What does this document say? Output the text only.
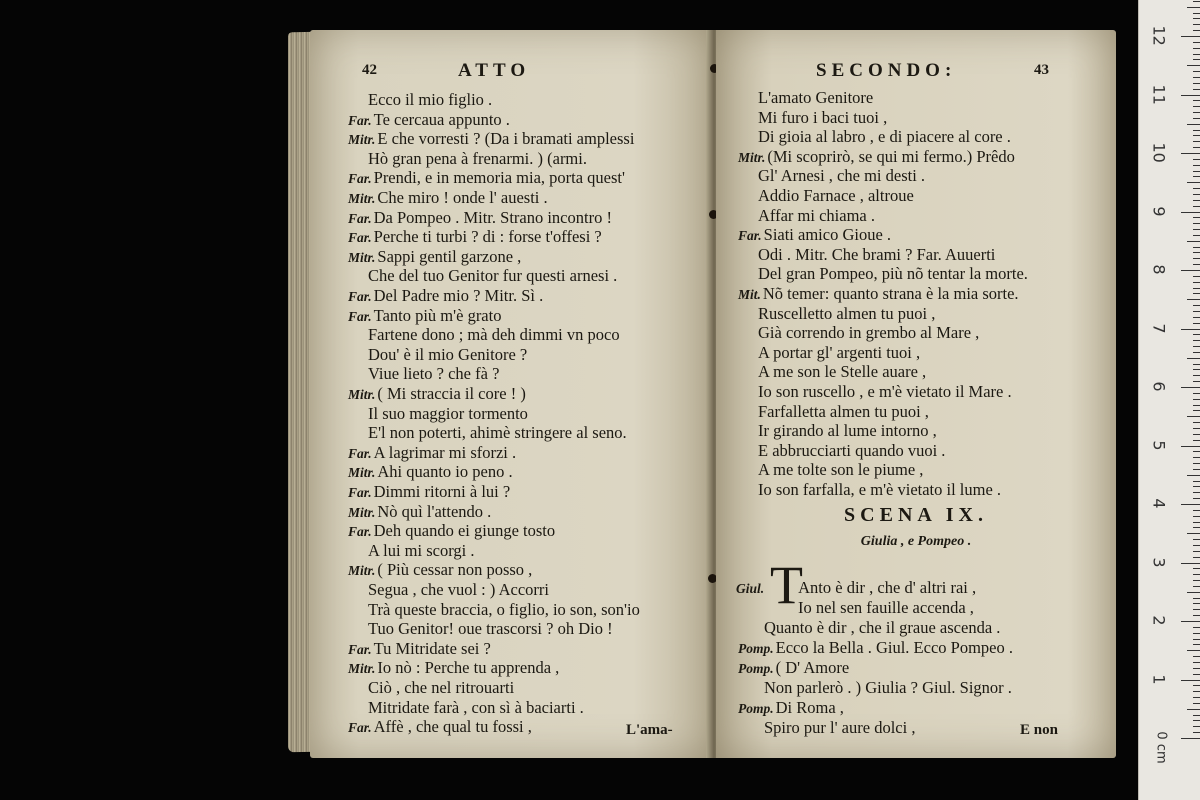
42	ATTO
Ecco il mio figlio .
Far. Te cercaua appunto .
Mitr. E che vorresti ? (Da i bramati amplessi
Hò gran pena à frenarmi. ) (armi.
Far. Prendi, e in memoria mia, porta quest'
Mitr. Che miro ! onde l' auesti .
Far. Da Pompeo . Mitr. Strano incontro !
Far. Perche ti turbi ? di : forse t'offesi ?
Mitr. Sappi gentil garzone ,
Che del tuo Genitor fur questi arnesi .
Far. Del Padre mio ? Mitr. Sì .
Far. Tanto più m'è grato
Fartene dono ; mà deh dimmi vn poco
Dou' è il mio Genitore ?
Viue lieto ? che fà ?
Mitr. ( Mi straccia il core ! )
Il suo maggior tormento
E'l non poterti, ahimè stringere al seno.
Far. A lagrimar mi sforzi .
Mitr. Ahi quanto io peno .
Far. Dimmi ritorni à lui ?
Mitr. Nò quì l'attendo .
Far. Deh quando ei giunge tosto
A lui mi scorgi .
Mitr. ( Più cessar non posso ,
Segua , che vuol : ) Accorri
Trà queste braccia, o figlio, io son, son'io
Tuo Genitor! oue trascorsi ? oh Dio !
Far. Tu Mitridate sei ?
Mitr. Io nò : Perche tu apprenda ,
Ciò , che nel ritrouarti
Mitridate farà , con sì à baciarti .
Far. Affè , che qual tu fossi ,	L'ama-
SECONDO:	43
L'amato Genitore
Mi furo i baci tuoi ,
Di gioia al labro , e di piacere al core .
Mitr. (Mi scoprirò, se qui mi fermo.) Prêdo
Gl' Arnesi , che mi desti .
Addio Farnace , altroue
Affar mi chiama .
Far. Siati amico Gioue .
Odi . Mitr. Che brami ? Far. Auuerti
Del gran Pompeo, più nõ tentar la morte.
Mit. Nõ temer: quanto strana è la mia sorte.
Ruscelletto almen tu puoi ,
Già correndo in grembo al Mare ,
A portar gl' argenti tuoi ,
A me son le Stelle auare ,
Io son ruscello , e m'è vietato il Mare .
Farfalletta almen tu puoi ,
Ir girando al lume intorno ,
E abbrucciarti quando vuoi .
A me tolte son le piume ,
Io son farfalla, e m'è vietato il lume .
SCENA IX.
Giulia , e Pompeo .
T
Giul. Anto è dir , che d' altri rai ,
Io nel sen fauille accenda ,
Quanto è dir , che il graue ascenda .
Pomp. Ecco la Bella . Giul. Ecco Pompeo .
Pomp. ( D' Amore
Non parlerò . ) Giulia ? Giul. Signor .
Pomp. Di Roma ,
Spiro pur l' aure dolci ,	E non
1
2
3
4
5
6
7
8
9
10
11
12
0 cm
